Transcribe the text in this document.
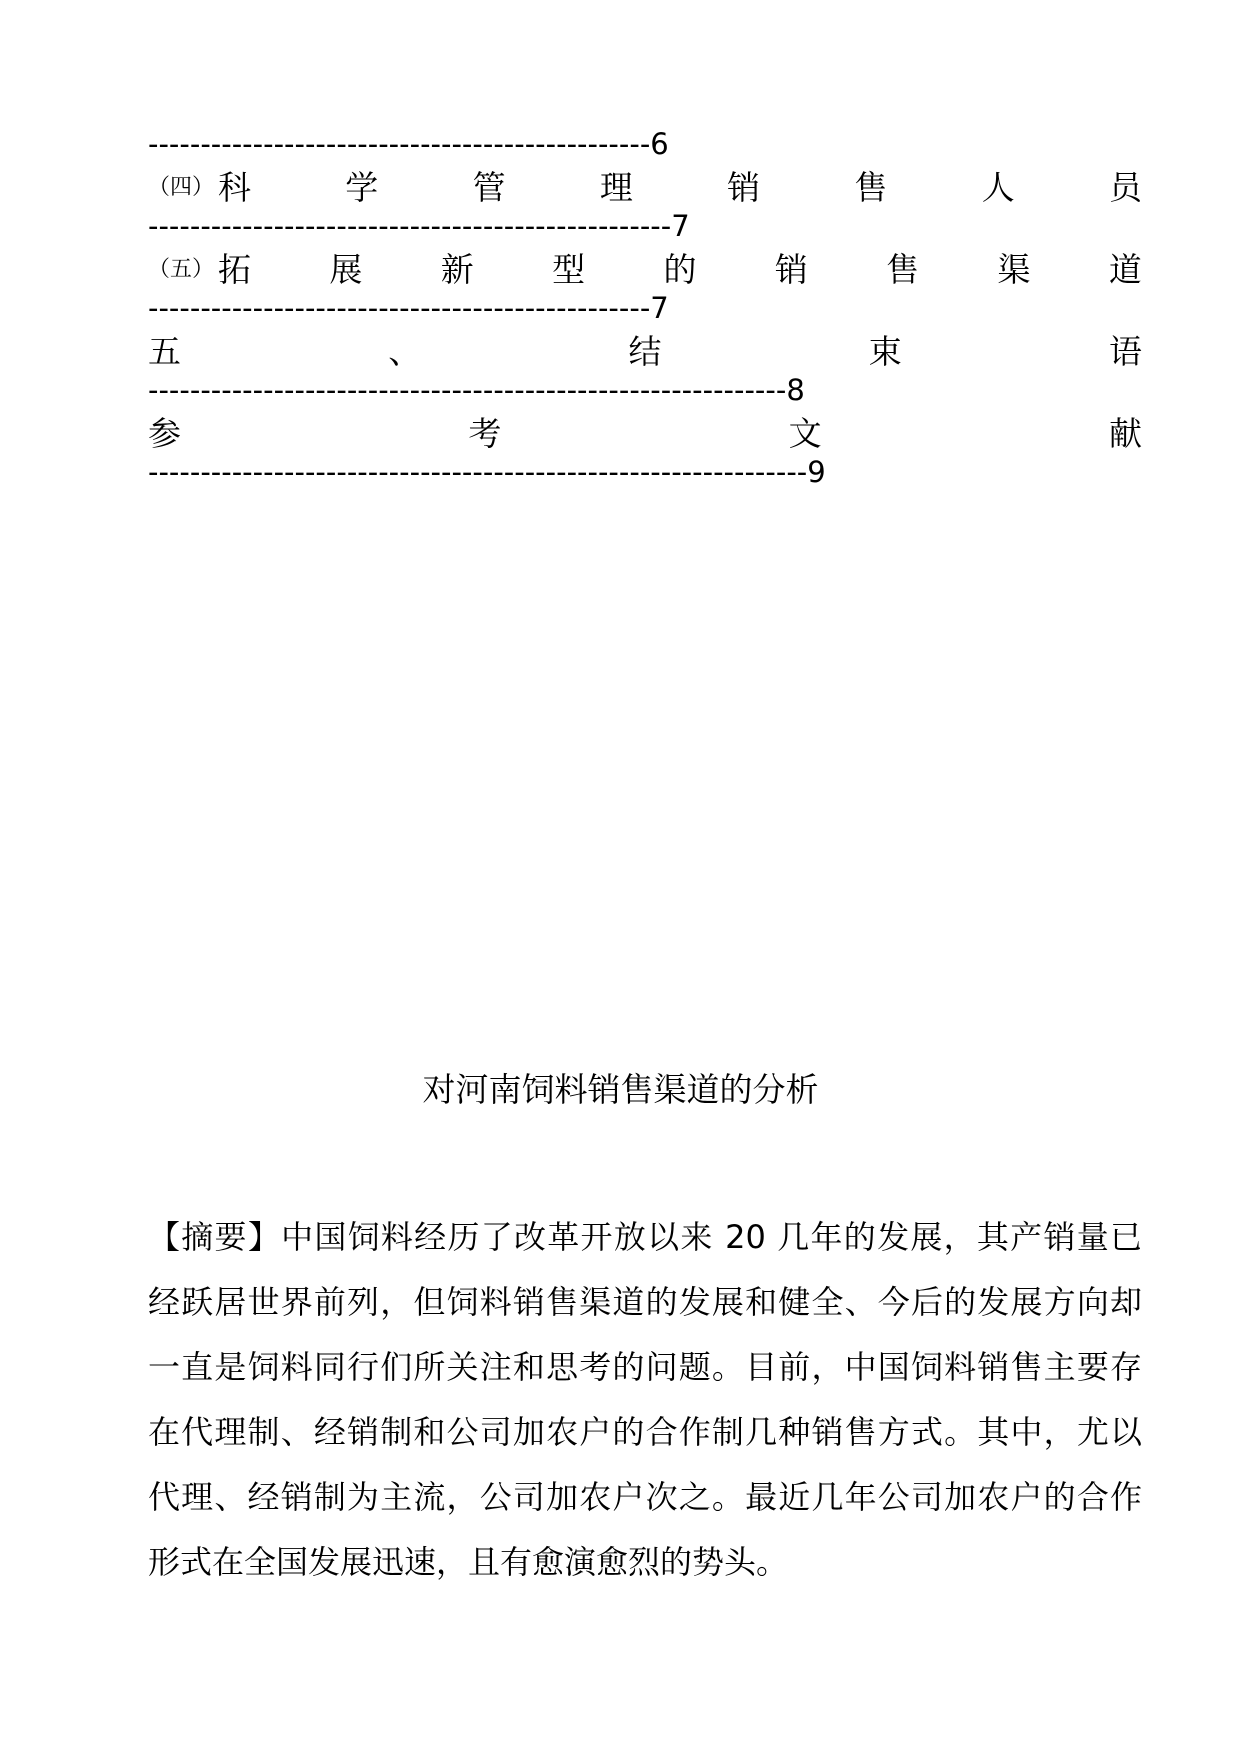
------------------------------------------------6
（四） 科	学	管	理	销	售	人	员
--------------------------------------------------7
（五） 拓 展 新 型 的 销 售 渠 道
------------------------------------------------7
五	、	结	束	语
-------------------------------------------------------------8
参	考	文	献
---------------------------------------------------------------9
对河南饲料销售渠道的分析
【摘要】中国饲料经历了改革开放以来 20 几年的发展，其产销量已
经跃居世界前列，但饲料销售渠道的发展和健全、今后的发展方向却
一直是饲料同行们所关注和思考的问题。目前，中国饲料销售主要存
在代理制、经销制和公司加农户的合作制几种销售方式。其中，尤以
代理、经销制为主流，公司加农户次之。最近几年公司加农户的合作
形式在全国发展迅速，且有愈演愈烈的势头。
